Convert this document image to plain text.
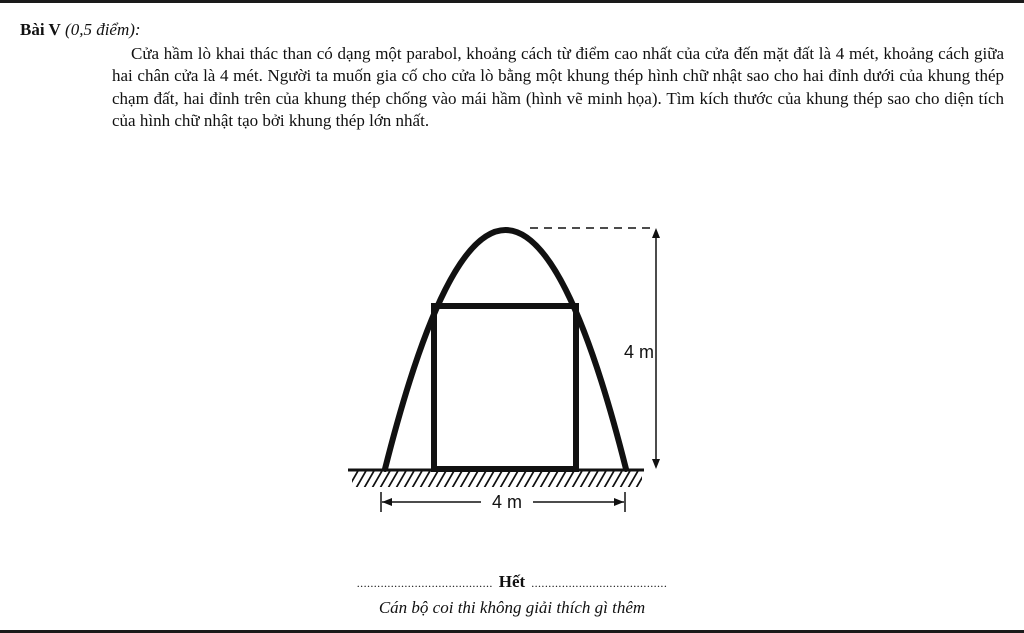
Bài V (0,5 điểm):

Cửa hầm lò khai thác than có dạng một parabol, khoảng cách từ điểm cao nhất của cửa đến mặt đất là 4 mét, khoảng cách giữa hai chân cửa là 4 mét. Người ta muốn gia cố cho cửa lò bằng một khung thép hình chữ nhật sao cho hai đỉnh dưới của khung thép chạm đất, hai đỉnh trên của khung thép chống vào mái hầm (hình vẽ minh họa). Tìm kích thước của khung thép sao cho diện tích của hình chữ nhật tạo bởi khung thép lớn nhất.

4 m
4 m
........................................ Hết ........................................
Cán bộ coi thi không giải thích gì thêm
